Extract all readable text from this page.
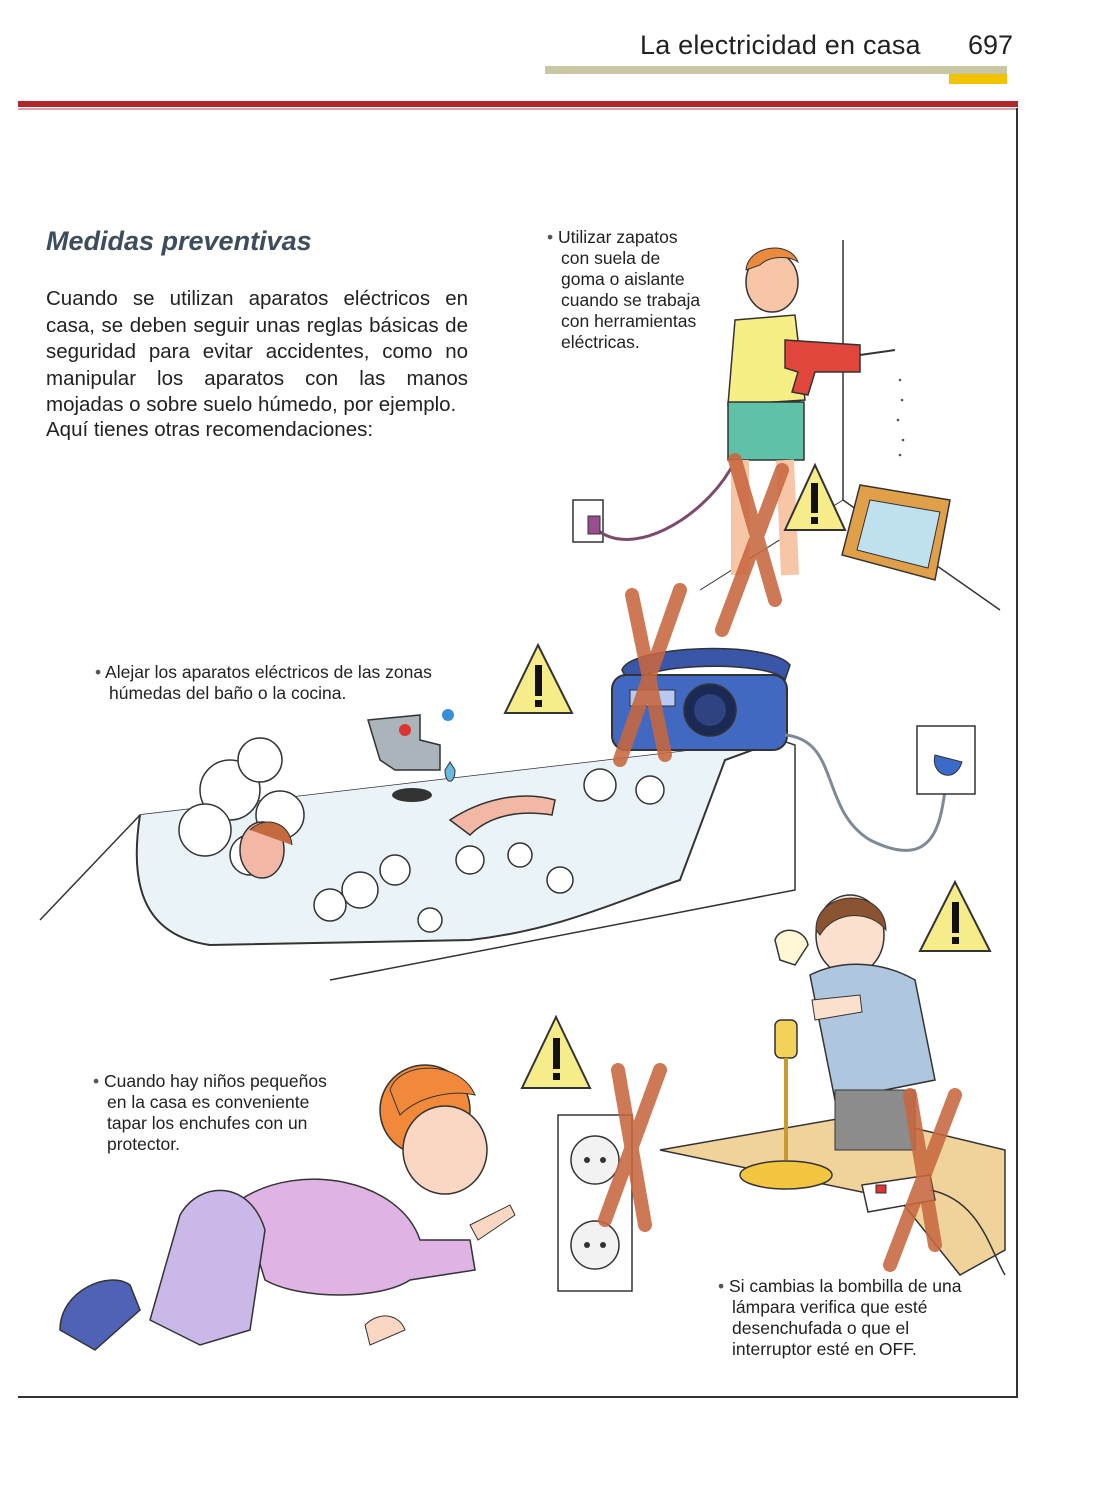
La electricidad en casa 697
Medidas preventivas
Cuando se utilizan aparatos eléctricos en casa, se deben seguir unas reglas básicas de seguridad para evitar accidentes, como no manipular los aparatos con las manos mojadas o sobre suelo húmedo, por ejemplo.
Aquí tienes otras recomendaciones:
• Utilizar zapatos
con suela de
goma o aislante
cuando se trabaja
con herramientas
eléctricas.
• Alejar los aparatos eléctricos de las zonas
húmedas del baño o la cocina.
• Cuando hay niños pequeños
en la casa es conveniente
tapar los enchufes con un
protector.
• Si cambias la bombilla de una
lámpara verifica que esté
desenchufada o que el
interruptor esté en OFF.
